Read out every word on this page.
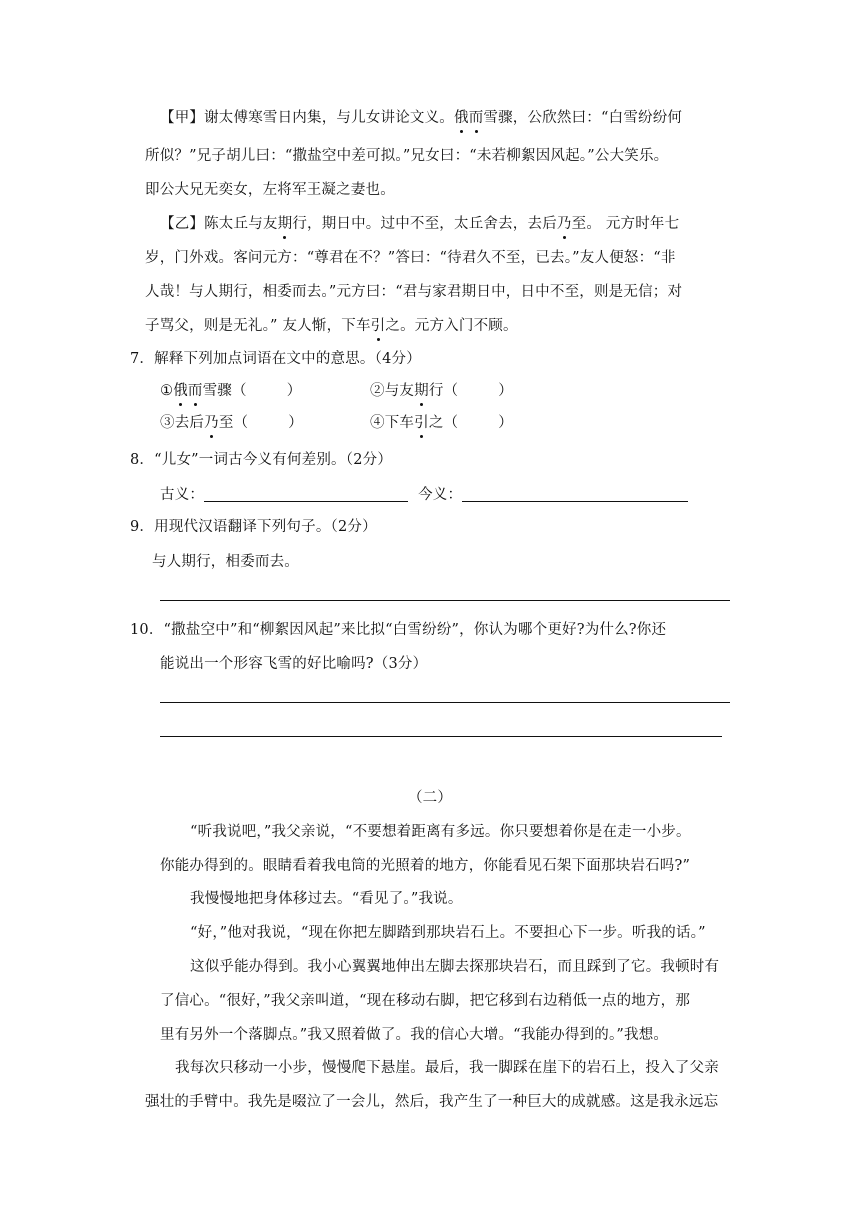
【甲】谢太傅寒雪日内集，与儿女讲论文义。俄而雪骤，公欣然曰：“白雪纷纷何
所似？”兄子胡儿曰：“撒盐空中差可拟。”兄女曰：“未若柳絮因风起。”公大笑乐。
即公大兄无奕女，左将军王凝之妻也。
【乙】陈太丘与友期行，期日中。过中不至，太丘舍去，去后乃至。 元方时年七
岁，门外戏。客问元方：“尊君在不？”答曰：“待君久不至，已去。”友人便怒：“非
人哉！与人期行，相委而去。”元方曰：“君与家君期日中，日中不至，则是无信；对
子骂父，则是无礼。” 友人惭，下车引之。元方入门不顾。
7．解释下列加点词语在文中的意思。（4分）
①俄而雪骤（	）	②与友期行（	）
③去后乃至（	）	④下车引之（	）
8．“儿女”一词古今义有何差别。（2分）
古义：	今义：
9．用现代汉语翻译下列句子。（2分）
与人期行，相委而去。
10．“撒盐空中”和“柳絮因风起”来比拟“白雪纷纷”，你认为哪个更好?为什么?你还
能说出一个形容飞雪的好比喻吗?（3分）
（二）
“听我说吧，”我父亲说，“不要想着距离有多远。你只要想着你是在走一小步。
你能办得到的。眼睛看着我电筒的光照着的地方，你能看见石架下面那块岩石吗?”
我慢慢地把身体移过去。“看见了。”我说。
“好，”他对我说，“现在你把左脚踏到那块岩石上。不要担心下一步。听我的话。”
这似乎能办得到。我小心翼翼地伸出左脚去探那块岩石，而且踩到了它。我顿时有
了信心。“很好，”我父亲叫道，“现在移动右脚，把它移到右边稍低一点的地方，那
里有另外一个落脚点。”我又照着做了。我的信心大增。“我能办得到的。”我想。
我每次只移动一小步，慢慢爬下悬崖。最后，我一脚踩在崖下的岩石上，投入了父亲
强壮的手臂中。我先是啜泣了一会儿，然后，我产生了一种巨大的成就感。这是我永远忘
